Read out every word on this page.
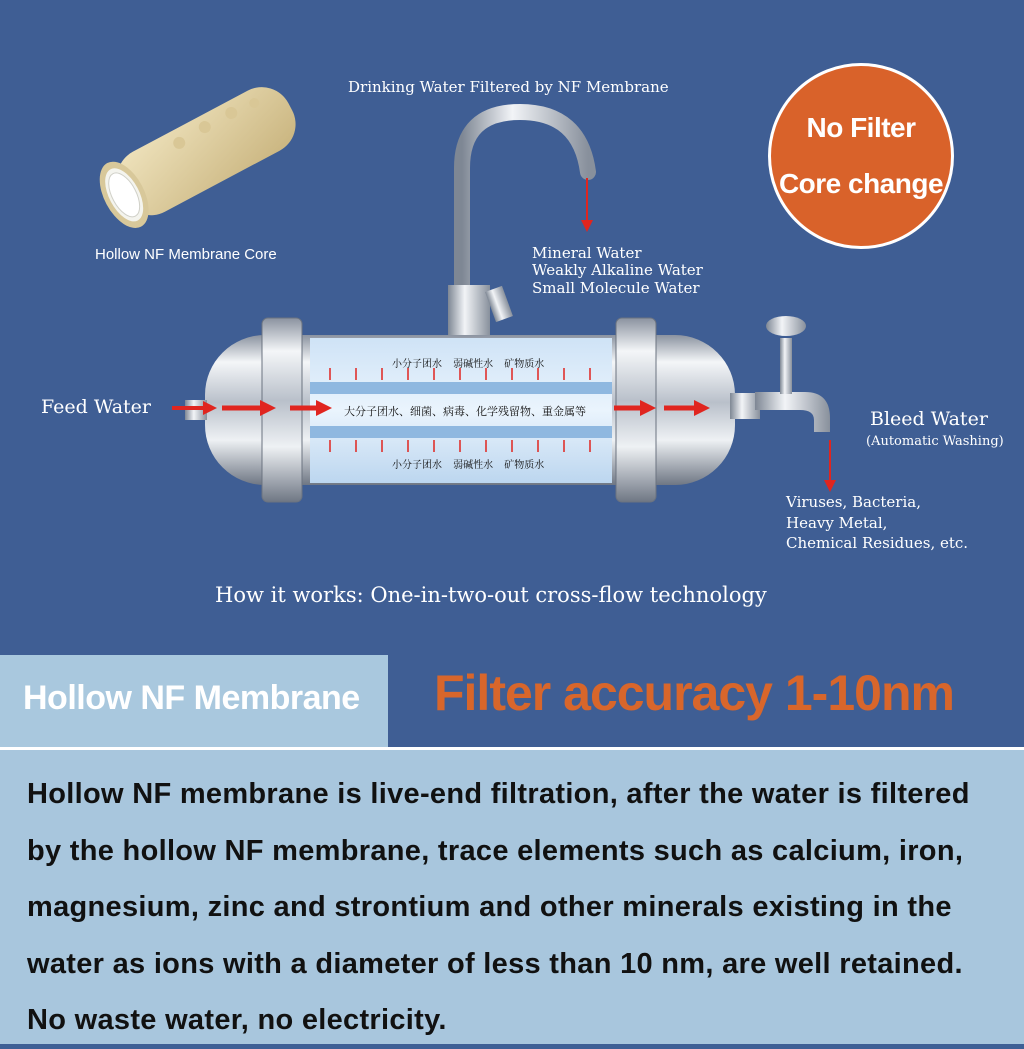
Drinking Water Filtered by NF Membrane
Hollow NF Membrane Core	Mineral Water
Weakly Alkaline Water
Small Molecule Water
Feed Water
Bleed Water
(Automatic Washing)
Viruses, Bacteria,
Heavy Metal,
Chemical Residues, etc.
How it works: One-in-two-out cross-flow technology
小分子团水    弱碱性水    矿物质水
大分子团水、细菌、病毒、化学残留物、重金属等
小分子团水    弱碱性水    矿物质水
No Filter
Core change
Hollow NF Membrane Filter accuracy 1-10nm

Hollow NF membrane is live-end filtration, after the water is filtered by the hollow NF membrane, trace elements such as calcium, iron, magnesium, zinc and strontium and other minerals existing in the water as ions with a diameter of less than 10 nm, are well retained. No waste water, no electricity.
